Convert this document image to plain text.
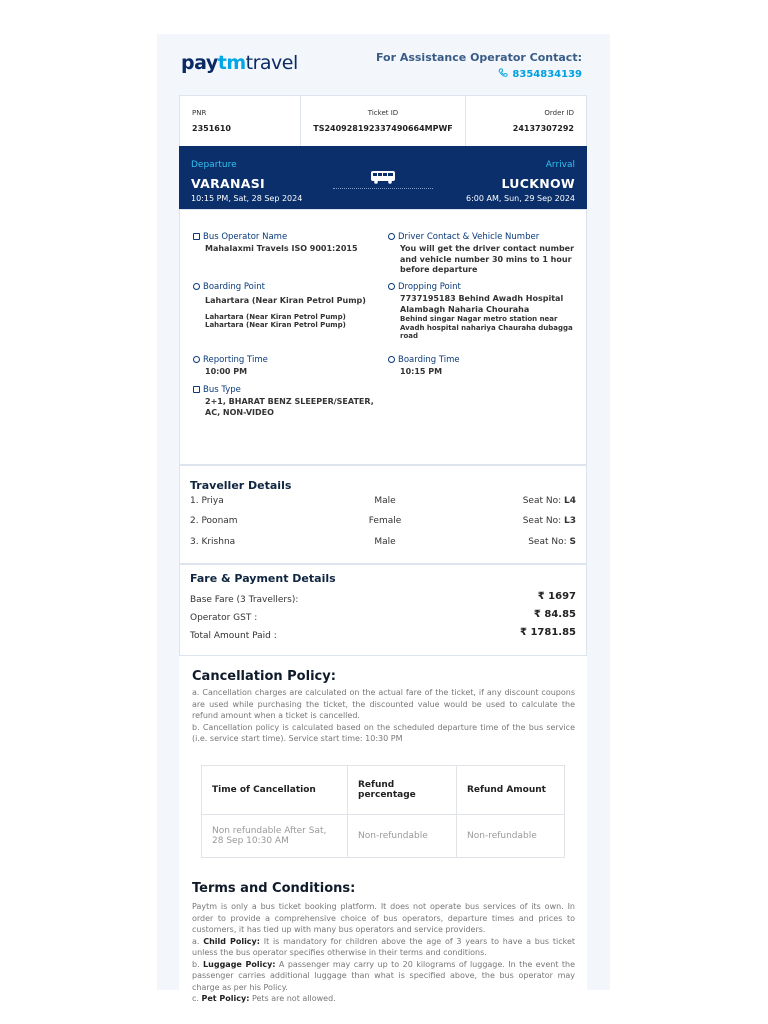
paytmtravel	For Assistance Operator Contact:
8354834139
PNR
2351610
Ticket ID
TS240928192337490664MPWF
Order ID
24137307292
Departure
VARANASI
10:15 PM, Sat, 28 Sep 2024
Arrival
LUCKNOW
6:00 AM, Sun, 29 Sep 2024
Bus Operator Name
Mahalaxmi Travels ISO 9001:2015
Driver Contact & Vehicle Number
You will get the driver contact number and vehicle number 30 mins to 1 hour before departure
Boarding Point
Lahartara (Near Kiran Petrol Pump)
Lahartara (Near Kiran Petrol Pump)
Lahartara (Near Kiran Petrol Pump)
Dropping Point
7737195183 Behind Awadh Hospital Alambagh Naharia Chouraha
Behind singar Nagar metro station near Avadh hospital nahariya Chauraha dubagga road
Reporting Time
10:00 PM
Boarding Time
10:15 PM
Bus Type
2+1, BHARAT BENZ SLEEPER/SEATER, AC, NON-VIDEO
Traveller Details
1. Priya	Male	Seat No: L4
2. Poonam	Female	Seat No: L3
3. Krishna	Male	Seat No: S
Fare & Payment Details
Base Fare (3 Travellers):	₹ 1697
Operator GST :	₹ 84.85
Total Amount Paid :	₹ 1781.85
Cancellation Policy:
a. Cancellation charges are calculated on the actual fare of the ticket, if any discount coupons are used while purchasing the ticket, the discounted value would be used to calculate the refund amount when a ticket is cancelled.
b. Cancellation policy is calculated based on the scheduled departure time of the bus service (i.e. service start time). Service start time: 10:30 PM
Time of Cancellation	Refund percentage	Refund Amount
Non refundable After Sat, 28 Sep 10:30 AM	Non-refundable	Non-refundable
Terms and Conditions:
Paytm is only a bus ticket booking platform. It does not operate bus services of its own. In order to provide a comprehensive choice of bus operators, departure times and prices to customers, it has tied up with many bus operators and service providers.
a. Child Policy: It is mandatory for children above the age of 3 years to have a bus ticket unless the bus operator specifies otherwise in their terms and conditions.
b. Luggage Policy: A passenger may carry up to 20 kilograms of luggage. In the event the passenger carries additional luggage than what is specified above, the bus operator may charge as per his Policy.
c. Pet Policy: Pets are not allowed.
